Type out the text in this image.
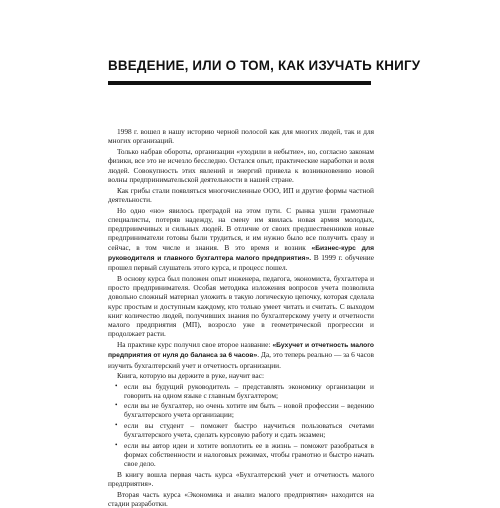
ВВЕДЕНИЕ, ИЛИ О ТОМ, КАК ИЗУЧАТЬ КНИГУ

1998 г. вошел в нашу историю черной полосой как для многих людей, так и для многих организаций.

Только набрав обороты, организации «уходили в небытие», но, согласно законам физики, все это не исчезло бесследно. Остался опыт, практические наработки и воля людей. Совокупность этих явлений и энергий привела к возникновению новой волны предпринимательской деятельности в нашей стране.

Как грибы стали появляться многочисленные ООО, ИП и другие формы частной деятельности.

Но одно «но» явилось преградой на этом пути. С рынка ушли грамотные специалисты, потеряв надежду, на смену им явилась новая армия молодых, предприимчивых и сильных людей. В отличие от своих предшественников новые предприниматели готовы были трудиться, и им нужно было все получить сразу и сейчас, в том числе и знания. В это время и возник «Бизнес-курс для руководителя и главного бухгалтера малого предприятия». В 1999 г. обучение прошел первый слушатель этого курса, и процесс пошел.

В основу курса был положен опыт инженера, педагога, экономиста, бухгалтера и просто предпринимателя. Особая методика изложения вопросов учета позволила довольно сложный материал уложить в такую логическую цепочку, которая сделала курс простым и доступным каждому, кто только умеет читать и считать. С выходом книг количество людей, получивших знания по бухгалтерскому учету и отчетности малого предприятия (МП), возросло уже в геометрической прогрессии и продолжает расти.

На практике курс получил свое второе название: «Бухучет и отчетность малого предприятия от нуля до баланса за 6 часов». Да, это теперь реально — за 6 часов изучить бухгалтерский учет и отчетность организации.

Книга, которую вы держите в руке, научит вас:

• если вы будущий руководитель – представлять экономику организации и говорить на одном языке с главным бухгалтером;
• если вы не бухгалтер, но очень хотите им быть – новой профессии – ведению бухгалтерского учета организации;
• если вы студент – поможет быстро научиться пользоваться счетами бухгалтерского учета, сделать курсовую работу и сдать экзамен;
• если вы автор идеи и хотите воплотить ее в жизнь – поможет разобраться в формах собственности и налоговых режимах, чтобы грамотно и быстро начать свое дело.

В книгу вошла первая часть курса «Бухгалтерский учет и отчетность малого предприятия».

Вторая часть курса «Экономика и анализ малого предприятия» находится на стадии разработки.
